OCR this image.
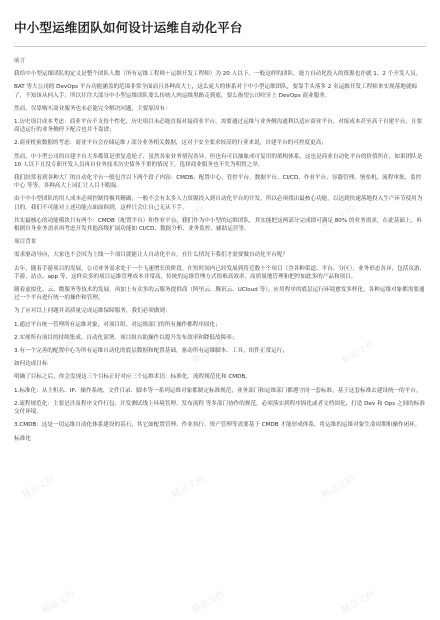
精品文档	精品文档	精品文档
精品文档	精品文档	精品文档
精品文档	精品文档	精品文档
精品文档	精品文档	精品文档
精品文档	精品文档	精品文档
中小型运维团队如何设计运维自动化平台

前言

我给中小型运维团队的定义是整个团队人数（所有运维工程师＋运维开发工程师）为 20 人以下，一般这样的团队，能力自动化投入的资源也许就 1、2 个开发人员。

BAT 等大公司的 DevOps 平台功能涵盖的范围非常全面而且各种高大上，这么庞大的体系对于中小型运维团队，要靠手头落多 2 名运维开发工程师来实现落地就痴了，不知该从何入手。所以往往大部分中小型运维团队要么传统人肉运维黑路走到底，要么指望公司咬牙上 DevOps 商业服务。

然而，仅靠购买商业服务也未必能完全解决问题，主要原因有：

1.历史项目成本考虑：商业平台不支持个性化，历史项目未必能直接对接商业平台，需要通过运维与业务侧沟通利以适应商业平台，对接成本甚至高于自建平台，且要商适运行的业务侧停下配合也并不靠谱；

2.商业机密数据的考虑：商业平台会存储运维 / 部分业务相关数据，这对于安全要求较高的行业来说，自建平台的可控度更高；

然而，中小型公司的自建平台大多都算是重复造轮子，虽然各家业务情况各异，但也有可以抽象成可复用的架构体系，这也是商业自动化平台的价值所在。如果团队是 10 人以下且没专职开发人员再自业务技术历史债务不重的情况下，选择商业服务也不失为明智之举。

我们经常看到各种大厂的自动化平台一般包含以下两个段子内容：CMDB、配置中心、管控平台、数据平台、CI/CD、作业平台、容器管理、堡垒机、流程审批、监控中心 等等，各种高大上词汇让人目不暇接。

由于中小型团队的用人成本必须控制得极其精确，一般不会有太多人力资源投入到自动化平台的开发，所以必须找出最核心功能，以达到快速落地投入生产环节使用为目的。我们不可能对上述功能点面面俱到，这样只会让自己无从下手。

其实最核心的功能模块只有两个：CMDB（配置平台）和作业平台。我们作为中小型的运维团队，其实能把这两部分完成即可满足 80% 的业务需求，在此基础上，再根据自身业务需求再考虑开发其他高级扩展功能如 CI/CD、数据分析、业务监控、辅助运营等。

项目背景

需求驱动导向，大家也不会因为上线一个项目就能让人自动化平台，在什么情况下我们才需要做自动化平台呢？

去年，随着手游项目的发展，公司业务需求处于一个飞速增长的阶段，在短时间内已经发展到将近数十个项目（含各种渠道、平台、分区），业务形态各异，包括页游、手游、站点、app 等，这样众多的项目运维管理成本非常高，传统的运维管理方式很难高效率、高质量地管理和把控如此多的产品和项目。

随着虚拟化、云、微服务等技术的发展，再加上有众多的云服务提供商（阿里云、腾讯云、UCloud 等），应用程序的底层运行环境愈发多样化，各种运维对象都需要通过一个平台进行统一的操作和管理。

为了应对以上问题并高质量完成运维保障服务，我们必须做到：

1.通过平台统一管理所有运维对象，对项目组、对运维部门的所有操作都程序固化；

2.实现所有项目的持续集成、自动化部署、项目组自助操作以提升发布效率和降低故障率；

3.有一个完善的配置中心为所有运维自动化的底层数据和配置基础，驱动所有运维脚本、工具、组件正常运行；

如何达成目标

明确了目标之后，你会发现这三个目标正好对应三个运维术语：标准化、流程规范化和 CMDB。

1.标准化：从主机名、IP、操作系统、文件目录、脚本等一系列运维对象都制定标准规范，业务部门和运维部门都遵守同一套标准，基于这套标准去建设统一的平台。

2.流程规范化：主要是涉及程序文件打包、开发测试线上环境管理、发布流程 等多部门协作的规范，必须落实到程序固化或者文档固化，打造 Dev 和 Ops 之间的标准交付环境。

3.CMDB：这是一切运维自动化体系建设的基石，其它如配置管理、作业执行、资产管理等需要基于 CMDB 才能形成体系，将运维的运维对象生命周期和操作闭环。

标准化
